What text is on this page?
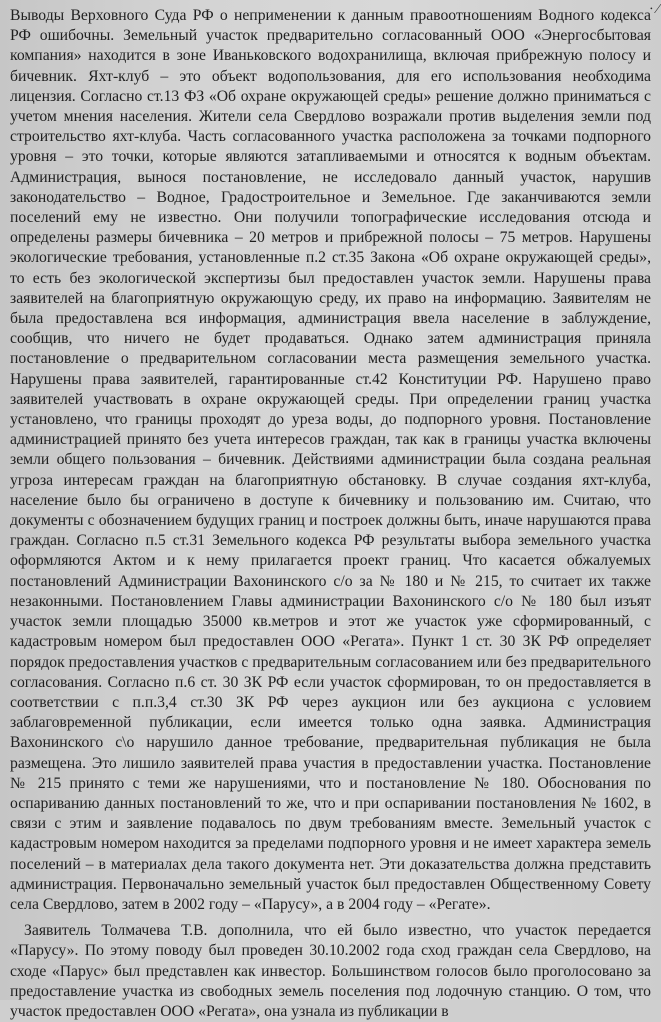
∙ ⁄

Выводы Верховного Суда РФ о неприменении к данным правоотношениям Водного кодекса РФ ошибочны. Земельный участок предварительно согласованный ООО «Энергосбытовая компания» находится в зоне Иваньковского водохранилища, включая прибрежную полосу и бичевник. Яхт-клуб – это объект водопользования, для его использования необходима лицензия. Согласно ст.13 ФЗ «Об охране окружающей среды» решение должно приниматься с учетом мнения населения. Жители села Свердлово возражали против выделения земли под строительство яхт-клуба. Часть согласованного участка расположена за точками подпорного уровня – это точки, которые являются затапливаемыми и относятся к водным объектам. Администрация, вынося постановление, не исследовало данный участок, нарушив законодательство – Водное, Градостроительное и Земельное. Где заканчиваются земли поселений ему не известно. Они получили топографические исследования отсюда и определены размеры бичевника – 20 метров и прибрежной полосы – 75 метров. Нарушены экологические требования, установленные п.2 ст.35 Закона «Об охране окружающей среды», то есть без экологической экспертизы был предоставлен участок земли. Нарушены права заявителей на благоприятную окружающую среду, их право на информацию. Заявителям не была предоставлена вся информация, администрация ввела население в заблуждение, сообщив, что ничего не будет продаваться. Однако затем администрация приняла постановление о предварительном согласовании места размещения земельного участка. Нарушены права заявителей, гарантированные ст.42 Конституции РФ. Нарушено право заявителей участвовать в охране окружающей среды. При определении границ участка установлено, что границы проходят до уреза воды, до подпорного уровня. Постановление администрацией принято без учета интересов граждан, так как в границы участка включены земли общего пользования – бичевник. Действиями администрации была создана реальная угроза интересам граждан на благоприятную обстановку. В случае создания яхт-клуба, население было бы ограничено в доступе к бичевнику и пользованию им. Считаю, что документы с обозначением будущих границ и построек должны быть, иначе нарушаются права граждан. Согласно п.5 ст.31 Земельного кодекса РФ результаты выбора земельного участка оформляются Актом и к нему прилагается проект границ. Что касается обжалуемых постановлений Администрации Вахонинского с/о за № 180 и № 215, то считает их также незаконными. Постановлением Главы администрации Вахонинского с/о № 180 был изъят участок земли площадью 35000 кв.метров и этот же участок уже сформированный, с кадастровым номером был предоставлен ООО «Регата». Пункт 1 ст. 30 ЗК РФ определяет порядок предоставления участков с предварительным согласованием или без предварительного согласования. Согласно п.6 ст. 30 ЗК РФ если участок сформирован, то он предоставляется в соответствии с п.п.3,4 ст.30 ЗК РФ через аукцион или без аукциона с условием заблаговременной публикации, если имеется только одна заявка. Администрация Вахонинского с\о нарушило данное требование, предварительная публикация не была размещена. Это лишило заявителей права участия в предоставлении участка. Постановление № 215 принято с теми же нарушениями, что и постановление № 180. Обоснования по оспариванию данных постановлений то же, что и при оспаривании постановления № 1602, в связи с этим и заявление подавалось по двум требованиям вместе. Земельный участок с кадастровым номером находится за пределами подпорного уровня и не имеет характера земель поселений – в материалах дела такого документа нет. Эти доказательства должна представить администрация. Первоначально земельный участок был предоставлен Общественному Совету села Свердлово, затем в 2002 году – «Парусу», а в 2004 году – «Регате».

Заявитель Толмачева Т.В. дополнила, что ей было известно, что участок передается «Парусу». По этому поводу был проведен 30.10.2002 года сход граждан села Свердлово, на сходе «Парус» был представлен как инвестор. Большинством голосов было проголосовано за предоставление участка из свободных земель поселения под лодочную станцию. О том, что участок предоставлен ООО «Регата», она узнала из публикации в
